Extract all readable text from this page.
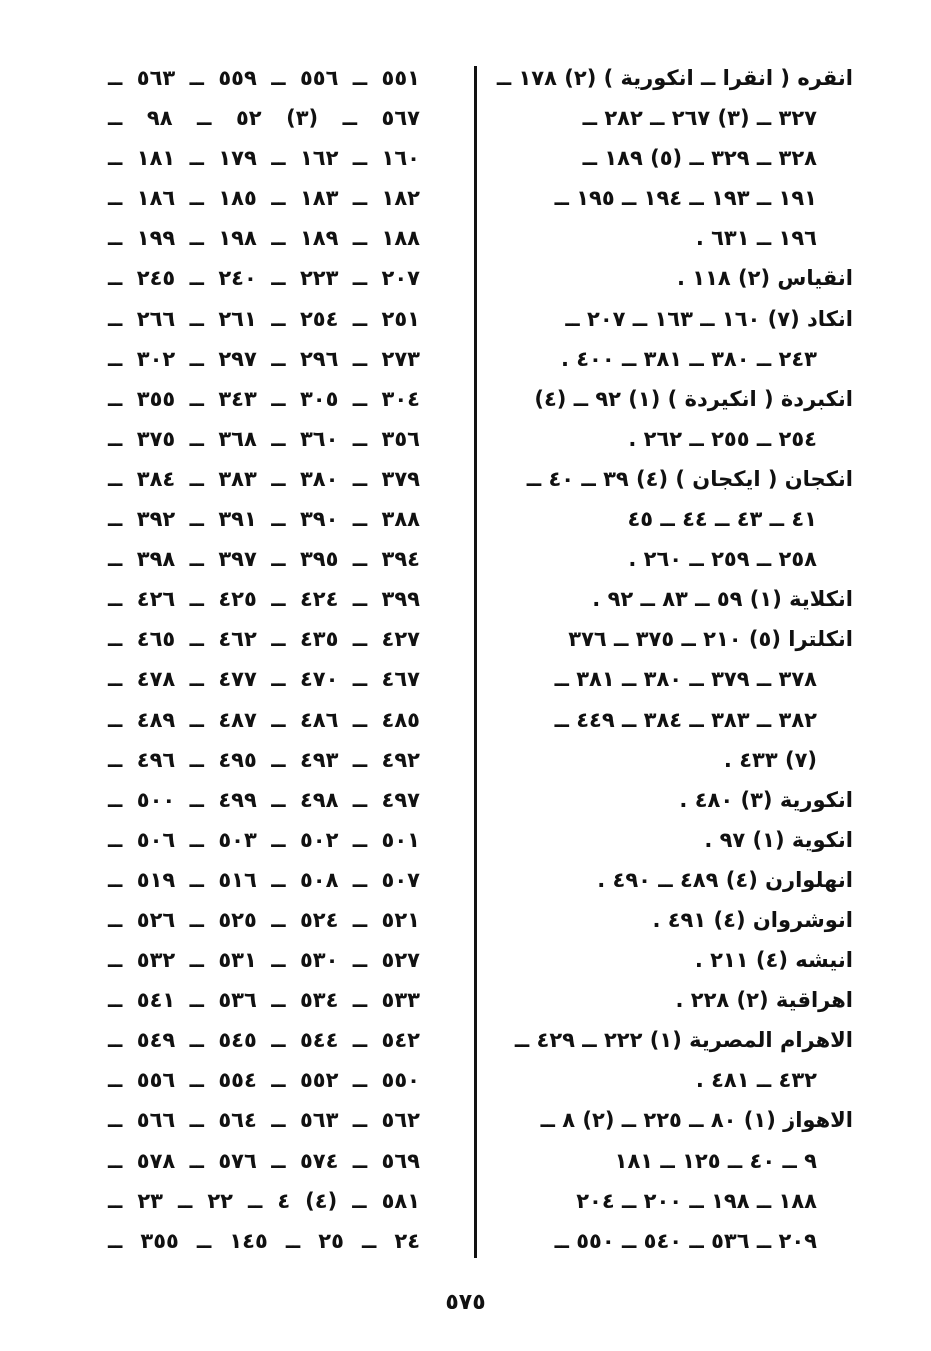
انقره ( انقرا ــ انكورية ) (٢) ١٧٨ ــ
٣٢٧ ــ (٣) ٢٦٧ ــ ٢٨٢ ــ
٣٢٨ ــ ٣٢٩ ــ (٥) ١٨٩ ــ
١٩١ ــ ١٩٣ ــ ١٩٤ ــ ١٩٥ ــ
١٩٦ ــ ٦٣١ .
انقياس (٢) ١١٨ .
انكاد (٧) ١٦٠ ــ ١٦٣ ــ ٢٠٧ ــ
٢٤٣ ــ ٣٨٠ ــ ٣٨١ ــ ٤٠٠ .
انكبردة ( انكيردة ) (١) ٩٢ ــ (٤)
٢٥٤ ــ ٢٥٥ ــ ٢٦٢ .
انكجان ( ايكجان ) (٤) ٣٩ ــ ٤٠ ــ
٤١ ــ ٤٣ ــ ٤٤ ــ ٤٥
٢٥٨ ــ ٢٥٩ ــ ٢٦٠ .
انكلاية (١) ٥٩ ــ ٨٣ ــ ٩٢ .
انكلترا (٥) ٢١٠ ــ ٣٧٥ ــ ٣٧٦
٣٧٨ ــ ٣٧٩ ــ ٣٨٠ ــ ٣٨١ ــ
٣٨٢ ــ ٣٨٣ ــ ٣٨٤ ــ ٤٤٩ ــ
(٧) ٤٣٣ .
انكورية (٣) ٤٨٠ .
انكوية (١) ٩٧ .
انهلوارن (٤) ٤٨٩ ــ ٤٩٠ .
انوشروان (٤) ٤٩١ .
انيشه (٤) ٢١١ .
اهراقية (٢) ٢٢٨ .
الاهرام المصرية (١) ٢٢٢ ــ ٤٢٩ ــ
٤٣٢ ــ ٤٨١ .
الاهواز (١) ٨٠ ــ ٢٢٥ ــ (٢) ٨ ــ
٩ ــ ٤٠ ــ ١٢٥ ــ ١٨١
١٨٨ ــ ١٩٨ ــ ٢٠٠ ــ ٢٠٤
٢٠٩ ــ ٥٣٦ ــ ٥٤٠ ــ ٥٥٠ ــ
٥٥١ ــ ٥٥٦ ــ ٥٥٩ ــ ٥٦٣ ــ
٥٦٧ ــ (٣) ٥٢ ــ ٩٨ ــ
١٦٠ ــ ١٦٢ ــ ١٧٩ ــ ١٨١ ــ
١٨٢ ــ ١٨٣ ــ ١٨٥ ــ ١٨٦ ــ
١٨٨ ــ ١٨٩ ــ ١٩٨ ــ ١٩٩ ــ
٢٠٧ ــ ٢٢٣ ــ ٢٤٠ ــ ٢٤٥ ــ
٢٥١ ــ ٢٥٤ ــ ٢٦١ ــ ٢٦٦ ــ
٢٧٣ ــ ٢٩٦ ــ ٢٩٧ ــ ٣٠٢ ــ
٣٠٤ ــ ٣٠٥ ــ ٣٤٣ ــ ٣٥٥ ــ
٣٥٦ ــ ٣٦٠ ــ ٣٦٨ ــ ٣٧٥ ــ
٣٧٩ ــ ٣٨٠ ــ ٣٨٣ ــ ٣٨٤ ــ
٣٨٨ ــ ٣٩٠ ــ ٣٩١ ــ ٣٩٢ ــ
٣٩٤ ــ ٣٩٥ ــ ٣٩٧ ــ ٣٩٨ ــ
٣٩٩ ــ ٤٢٤ ــ ٤٢٥ ــ ٤٢٦ ــ
٤٢٧ ــ ٤٣٥ ــ ٤٦٢ ــ ٤٦٥ ــ
٤٦٧ ــ ٤٧٠ ــ ٤٧٧ ــ ٤٧٨ ــ
٤٨٥ ــ ٤٨٦ ــ ٤٨٧ ــ ٤٨٩ ــ
٤٩٢ ــ ٤٩٣ ــ ٤٩٥ ــ ٤٩٦ ــ
٤٩٧ ــ ٤٩٨ ــ ٤٩٩ ــ ٥٠٠ ــ
٥٠١ ــ ٥٠٢ ــ ٥٠٣ ــ ٥٠٦ ــ
٥٠٧ ــ ٥٠٨ ــ ٥١٦ ــ ٥١٩ ــ
٥٢١ ــ ٥٢٤ ــ ٥٢٥ ــ ٥٢٦ ــ
٥٢٧ ــ ٥٣٠ ــ ٥٣١ ــ ٥٣٢ ــ
٥٣٣ ــ ٥٣٤ ــ ٥٣٦ ــ ٥٤١ ــ
٥٤٢ ــ ٥٤٤ ــ ٥٤٥ ــ ٥٤٩ ــ
٥٥٠ ــ ٥٥٢ ــ ٥٥٤ ــ ٥٥٦ ــ
٥٦٢ ــ ٥٦٣ ــ ٥٦٤ ــ ٥٦٦ ــ
٥٦٩ ــ ٥٧٤ ــ ٥٧٦ ــ ٥٧٨ ــ
٥٨١ ــ (٤) ٤ ــ ٢٢ ــ ٢٣ ــ
٢٤ ــ ٢٥ ــ ١٤٥ ــ ٣٥٥ ــ
٥٧٥
